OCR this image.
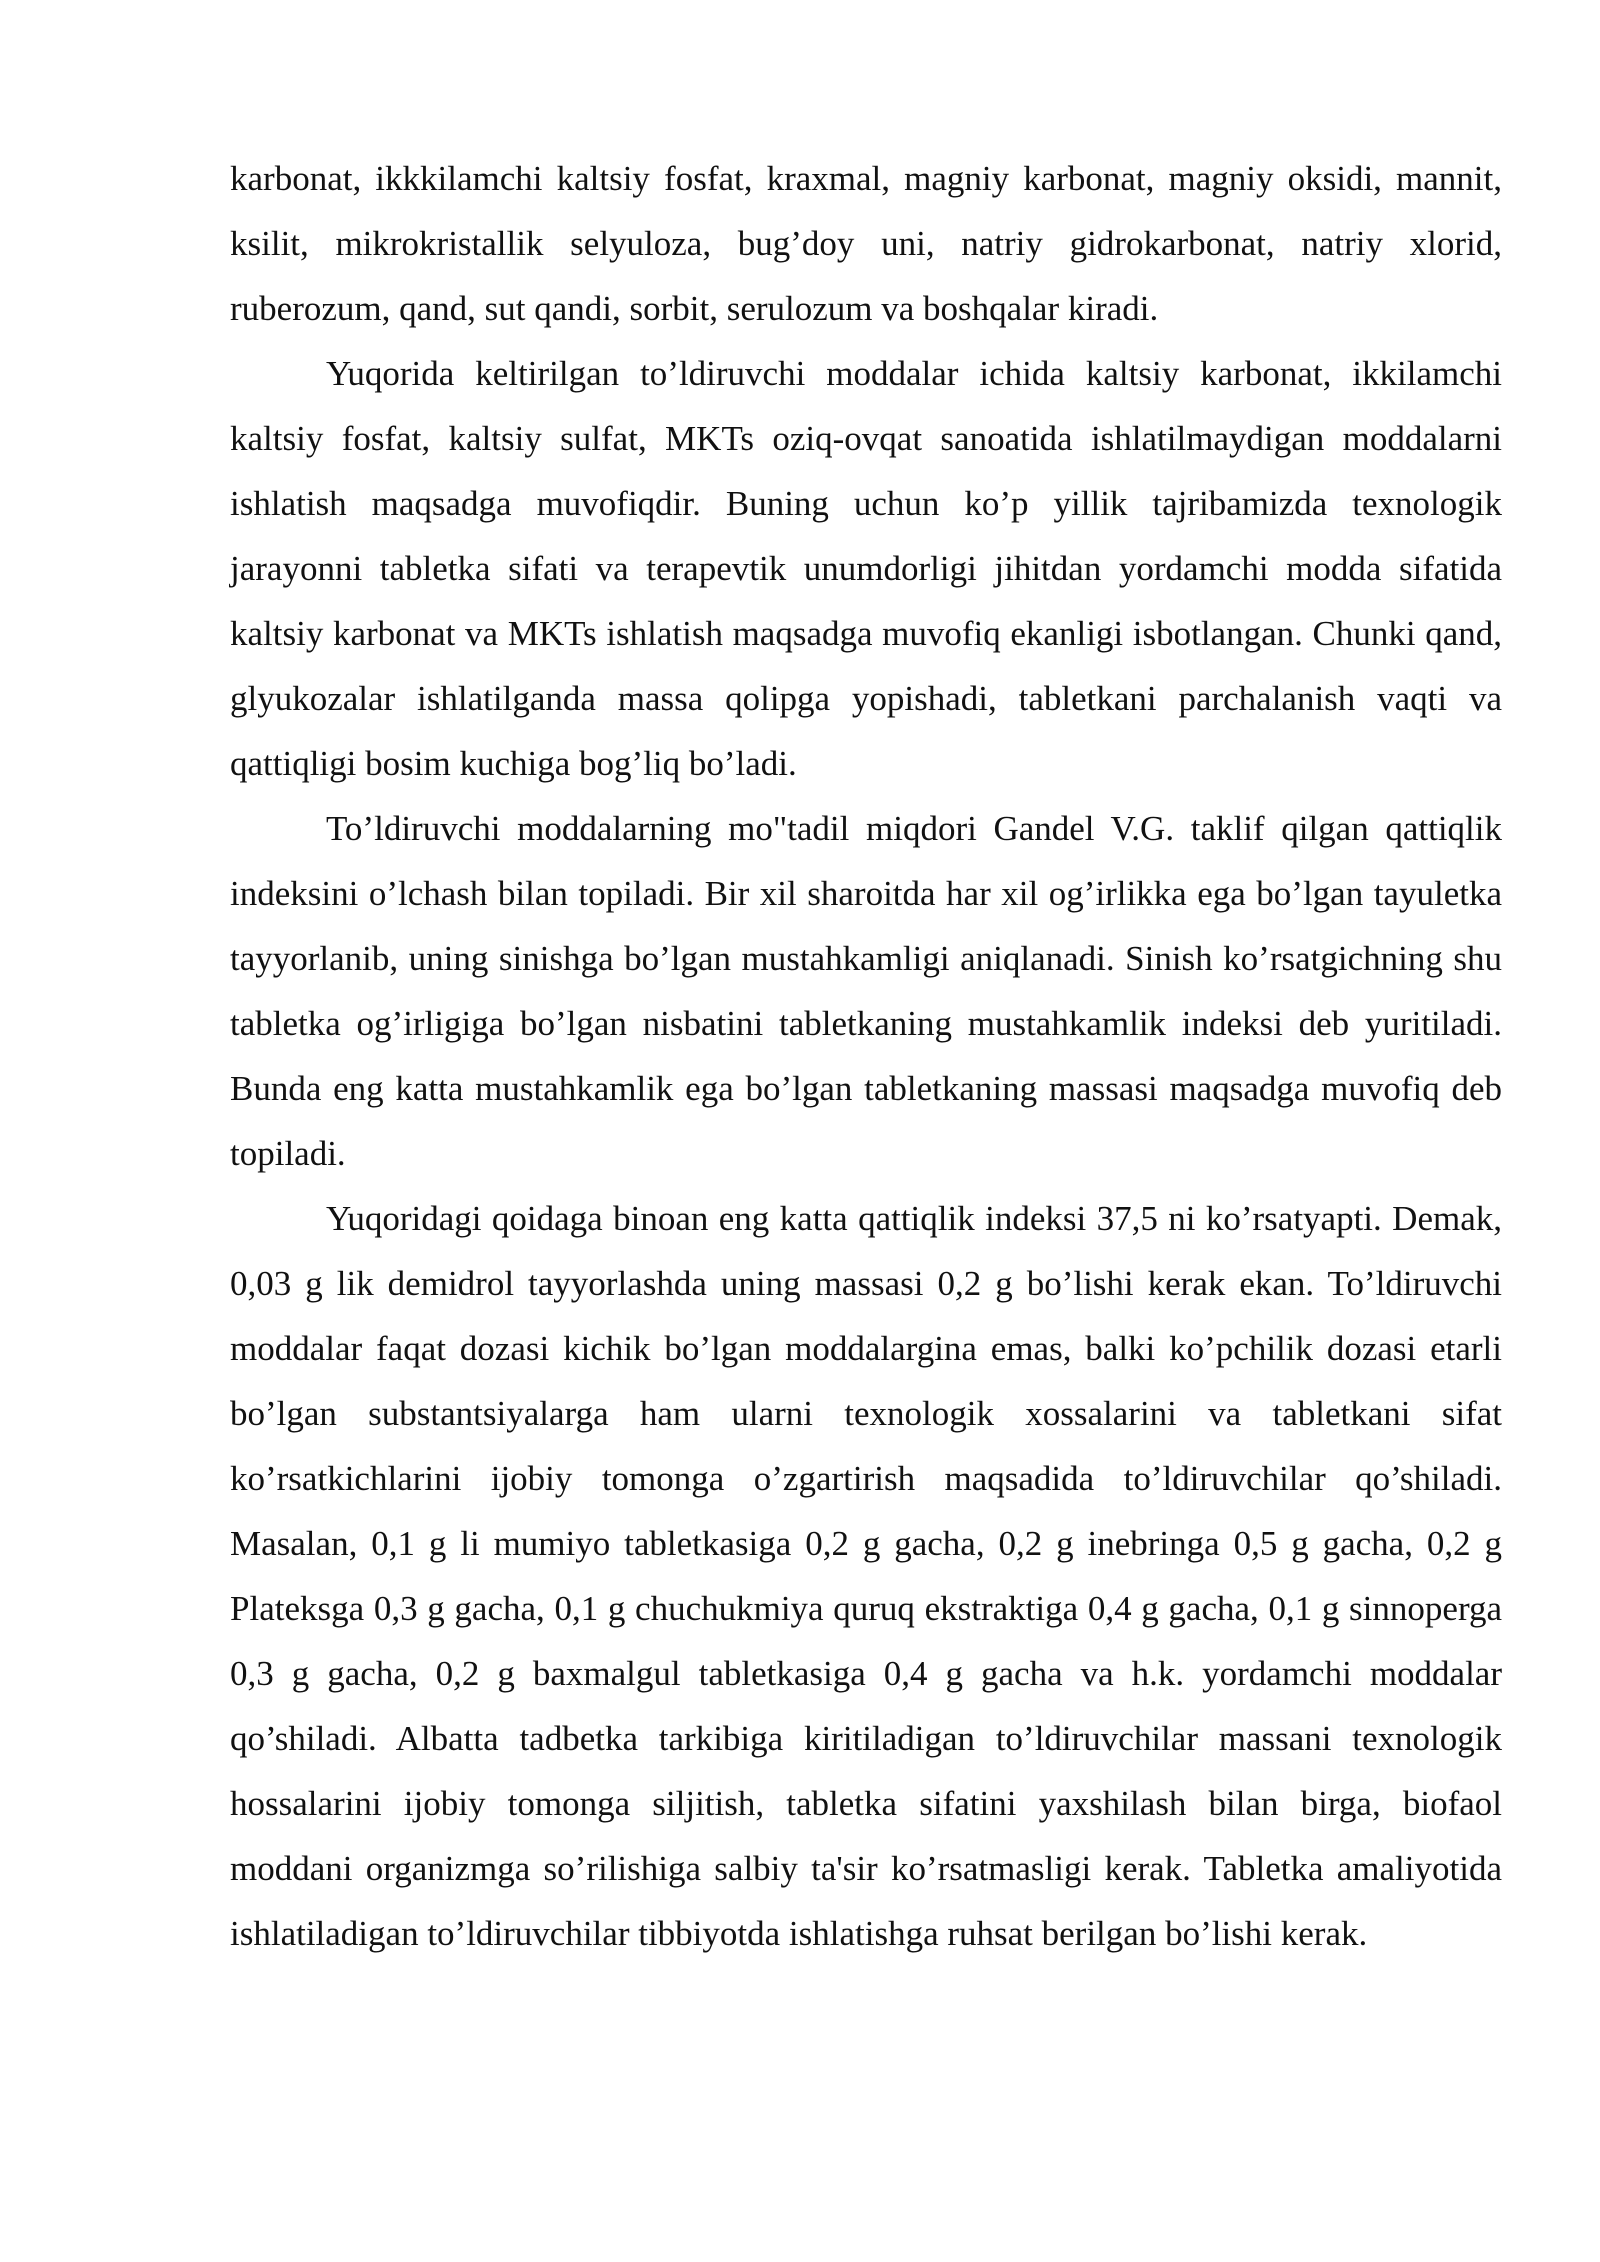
karbonat, ikkkilamchi kaltsiy fosfat, kraxmal, magniy karbonat, magniy oksidi, mannit, ksilit, mikrokristallik selyuloza, bug’doy uni, natriy gidrokarbonat, natriy xlorid, ruberozum, qand, sut qandi, sorbit, serulozum va boshqalar kiradi.

Yuqorida keltirilgan to’ldiruvchi moddalar ichida kaltsiy karbonat, ikkilamchi kaltsiy fosfat, kaltsiy sulfat, MKTs oziq-ovqat sanoatida ishlatilmaydigan moddalarni ishlatish maqsadga muvofiqdir. Buning uchun ko’p yillik tajribamizda texnologik jarayonni tabletka sifati va terapevtik unumdorligi jihitdan yordamchi modda sifatida kaltsiy karbonat va MKTs ishlatish maqsadga muvofiq ekanligi isbotlangan. Chunki qand, glyukozalar ishlatilganda massa qolipga yopishadi, tabletkani parchalanish vaqti va qattiqligi bosim kuchiga bog’liq bo’ladi.

To’ldiruvchi moddalarning mo"tadil miqdori Gandel V.G. taklif qilgan qattiqlik indeksini o’lchash bilan topiladi. Bir xil sharoitda har xil og’irlikka ega bo’lgan tayuletka tayyorlanib, uning sinishga bo’lgan mustahkamligi aniqlanadi. Sinish ko’rsatgichning shu tabletka og’irligiga bo’lgan nisbatini tabletkaning mustahkamlik indeksi deb yuritiladi. Bunda eng katta mustahkamlik ega bo’lgan tabletkaning massasi maqsadga muvofiq deb topiladi.

Yuqoridagi qoidaga binoan eng katta qattiqlik indeksi 37,5 ni ko’rsatyapti. Demak, 0,03 g lik demidrol tayyorlashda uning massasi 0,2 g bo’lishi kerak ekan. To’ldiruvchi moddalar faqat dozasi kichik bo’lgan moddalargina emas, balki ko’pchilik dozasi etarli bo’lgan substantsiyalarga ham ularni texnologik xossalarini va tabletkani sifat ko’rsatkichlarini ijobiy tomonga o’zgartirish maqsadida to’ldiruvchilar qo’shiladi. Masalan, 0,1 g li mumiyo tabletkasiga 0,2 g gacha, 0,2 g inebringa 0,5 g gacha, 0,2 g Plateksga 0,3 g gacha, 0,1 g chuchukmiya quruq ekstraktiga 0,4 g gacha, 0,1 g sinnoperga 0,3 g gacha, 0,2 g baxmalgul tabletkasiga 0,4 g gacha va h.k. yordamchi moddalar qo’shiladi. Albatta tadbetka tarkibiga kiritiladigan to’ldiruvchilar massani texnologik hossalarini ijobiy tomonga siljitish, tabletka sifatini yaxshilash bilan birga, biofaol moddani organizmga so’rilishiga salbiy ta'sir ko’rsatmasligi kerak. Tabletka amaliyotida ishlatiladigan to’ldiruvchilar tibbiyotda ishlatishga ruhsat berilgan bo’lishi kerak.
